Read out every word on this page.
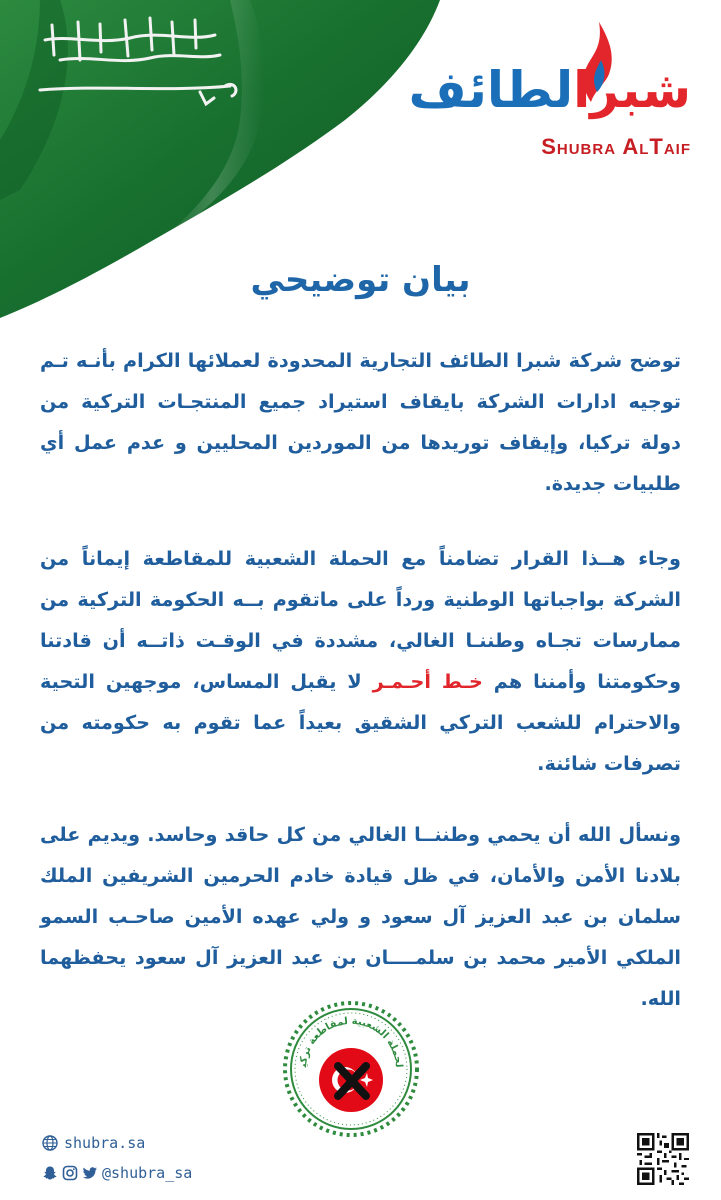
شبرالطائف
Shubra AlTaif
بيان توضيحي
توضح شركة شبرا الطائف التجارية المحدودة لعملائها الكرام بأنـه تـم توجيه ادارات الشركة بايقاف استيراد جميع المنتجـات التركية من دولة تركيا، وإيقاف توريدها من الموردين المحليين و عدم عمل أي طلبيات جديدة.
وجاء هــذا القرار تضامناً مع الحملة الشعبية للمقاطعة إيماناً من الشركة بواجباتها الوطنية ورداً على ماتقوم بــه الحكومة التركية من ممارسات تجـاه وطننـا الغالي، مشددة في الوقـت ذاتــه أن قادتنا وحكومتنا وأمننا هم خـط أحـمـر لا يقبل المساس، موجهين التحية والاحترام للشعب التركي الشقيق بعيداً عما تقوم به حكومته من تصرفات شائنة.
ونسأل الله أن يحمي وطننــا الغالي من كل حاقد وحاسد. ويديم على بلادنا الأمن والأمان، في ظل قيادة خادم الحرمين الشريفين الملك سلمان بن عبد العزيز آل سعود و ولي عهده الأمين صاحـب السمو الملكي الأمير محمد بن سلمــــان بن عبد العزيز آل سعود يحفظهما الله.
لحملة الشعبية لمقاطعة تركي
shubra.sa
@shubra_sa
